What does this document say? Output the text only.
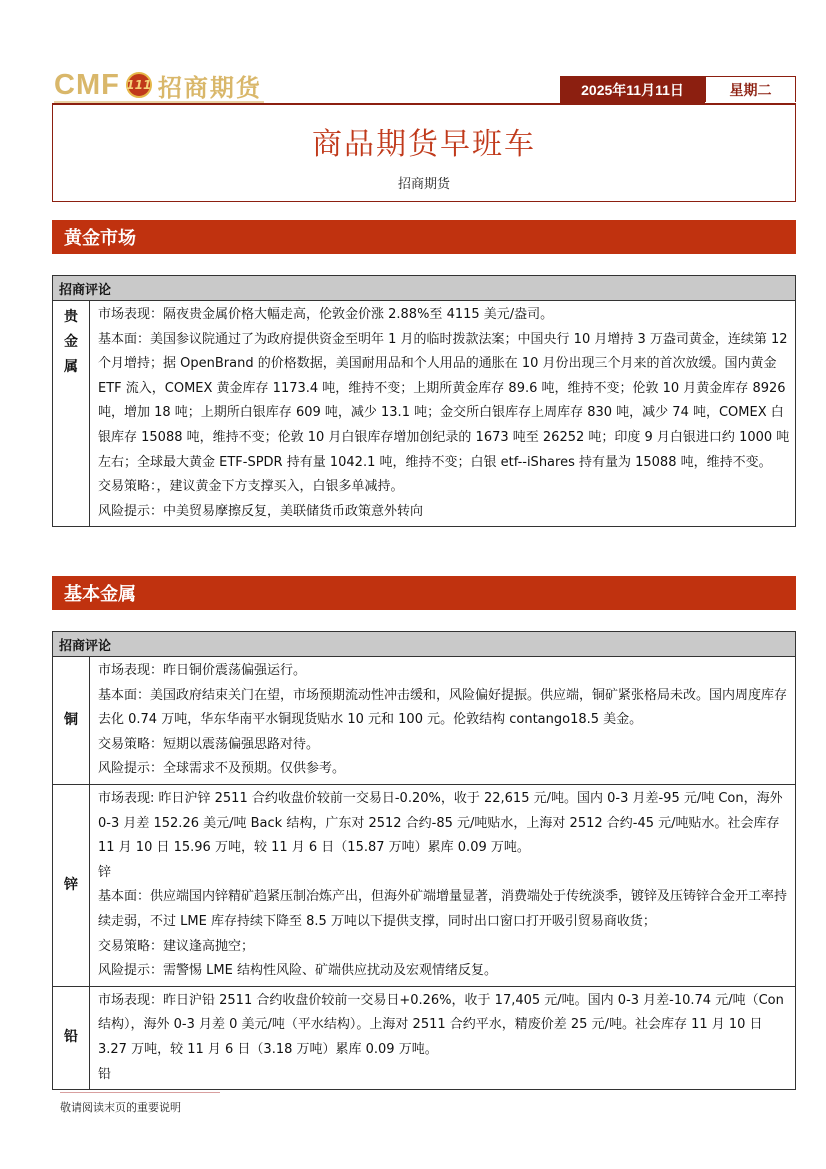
CMF 111 招商期货	2025年11月11日	星期二
商品期货早班车
招商期货
黄金市场
招商评论
贵
金
属

市场表现：隔夜贵金属价格大幅走高，伦敦金价涨 2.88%至 4115 美元/盎司。

基本面：美国参议院通过了为政府提供资金至明年 1 月的临时拨款法案；中国央行 10 月增持 3 万盎司黄金，连续第 12 个月增持；据 OpenBrand 的价格数据，美国耐用品和个人用品的通胀在 10 月份出现三个月来的首次放缓。国内黄金 ETF 流入，COMEX 黄金库存 1173.4 吨，维持不变；上期所黄金库存 89.6 吨，维持不变；伦敦 10 月黄金库存 8926 吨，增加 18 吨；上期所白银库存 609 吨，减少 13.1 吨；金交所白银库存上周库存 830 吨，减少 74 吨，COMEX 白银库存 15088 吨，维持不变；伦敦 10 月白银库存增加创纪录的 1673 吨至 26252 吨；印度 9 月白银进口约 1000 吨左右；全球最大黄金 ETF-SPDR 持有量 1042.1 吨，维持不变；白银 etf--iShares 持有量为 15088 吨，维持不变。

交易策略：，建议黄金下方支撑买入，白银多单减持。

风险提示：中美贸易摩擦反复，美联储货币政策意外转向

基本金属
招商评论
铜

市场表现：昨日铜价震荡偏强运行。

基本面：美国政府结束关门在望，市场预期流动性冲击缓和，风险偏好提振。供应端，铜矿紧张格局未改。国内周度库存去化 0.74 万吨，华东华南平水铜现货贴水 10 元和 100 元。伦敦结构 contango18.5 美金。

交易策略：短期以震荡偏强思路对待。

风险提示：全球需求不及预期。仅供参考。

锌

市场表现: 昨日沪锌 2511 合约收盘价较前一交易日-0.20%，收于 22,615 元/吨。国内 0-3 月差-95 元/吨 Con，海外 0-3 月差 152.26 美元/吨 Back 结构，广东对 2512 合约-85 元/吨贴水，上海对 2512 合约-45 元/吨贴水。社会库存 11 月 10 日 15.96 万吨，较 11 月 6 日（15.87 万吨）累库 0.09 万吨。

锌

基本面：供应端国内锌精矿趋紧压制冶炼产出，但海外矿端增量显著，消费端处于传统淡季，镀锌及压铸锌合金开工率持续走弱，不过 LME 库存持续下降至 8.5 万吨以下提供支撑，同时出口窗口打开吸引贸易商收货；

交易策略：建议逢高抛空；

风险提示：需警惕 LME 结构性风险、矿端供应扰动及宏观情绪反复。

铅

市场表现：昨日沪铅 2511 合约收盘价较前一交易日+0.26%，收于 17,405 元/吨。国内 0-3 月差-10.74 元/吨（Con 结构），海外 0-3 月差 0 美元/吨（平水结构）。上海对 2511 合约平水，精废价差 25 元/吨。社会库存 11 月 10 日 3.27 万吨，较 11 月 6 日（3.18 万吨）累库 0.09 万吨。

铅

敬请阅读末页的重要说明
